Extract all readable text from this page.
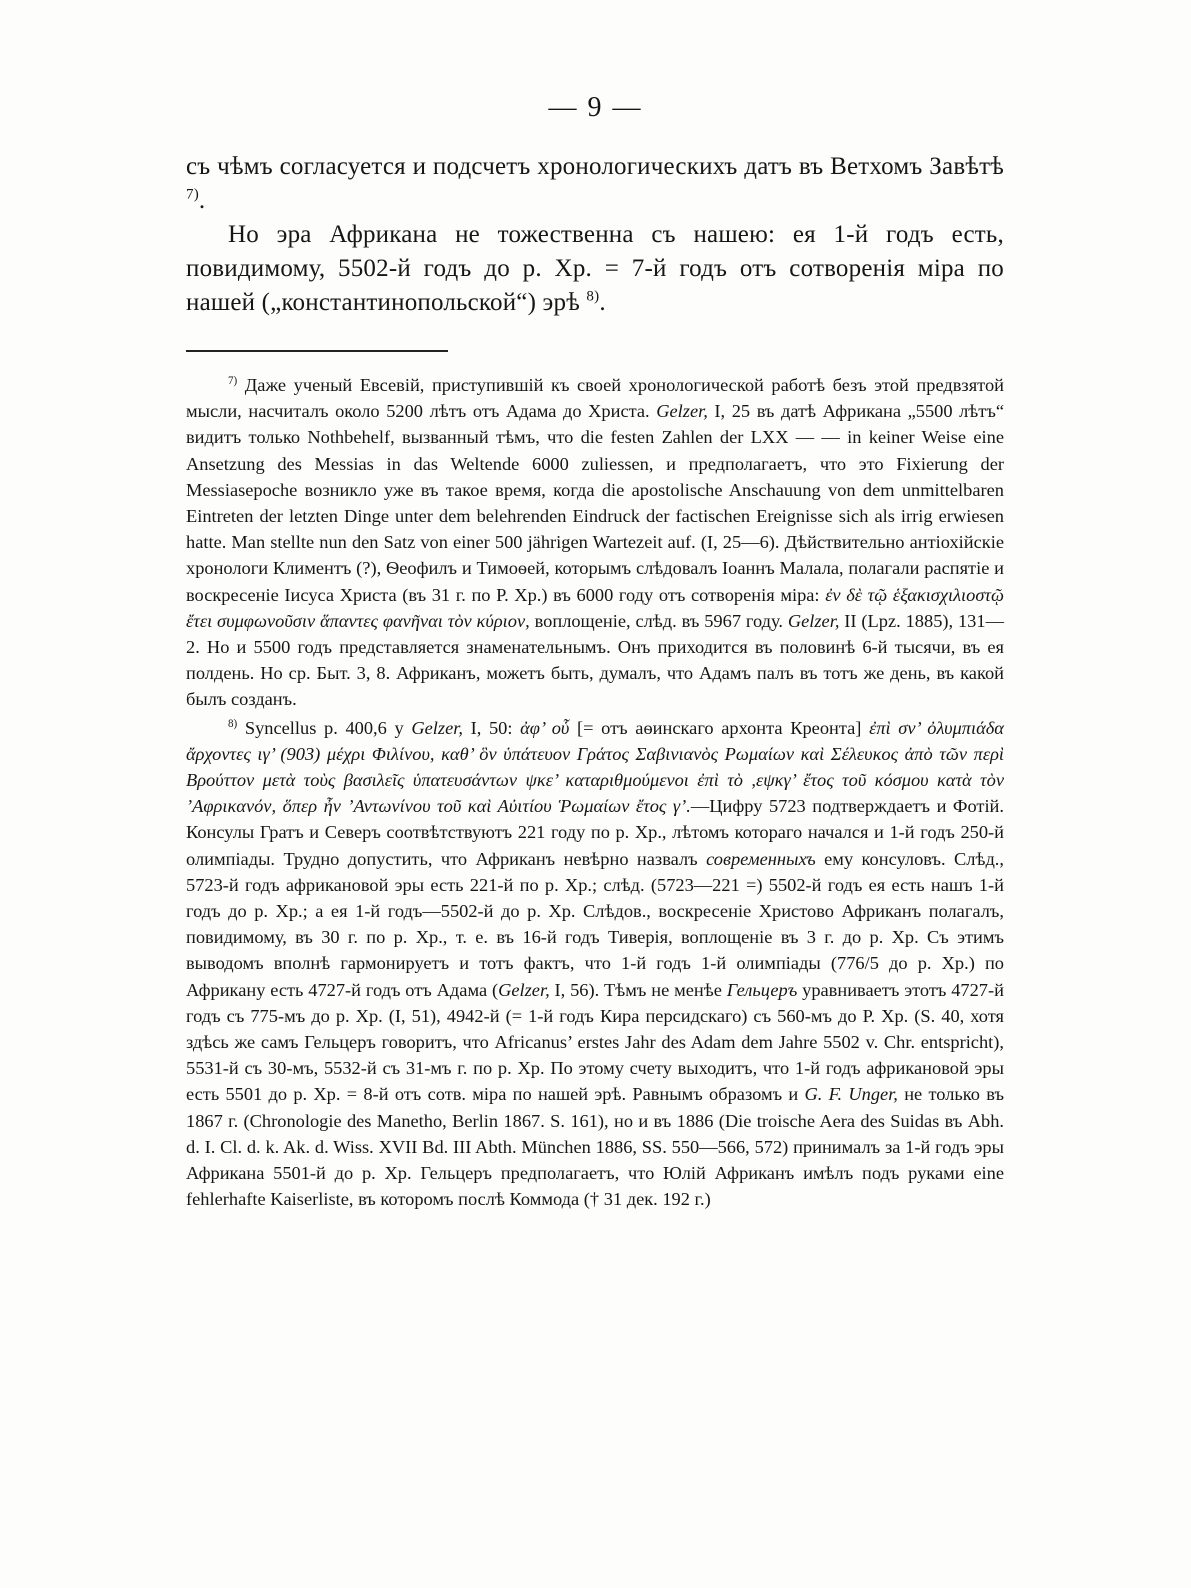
— 9 —

съ чѣмъ согласуется и подсчетъ хронологическихъ датъ въ Ветхомъ Завѣтѣ $^{7)}$.

Но эра Африкана не тожественна съ нашею: ея 1-й годъ есть, повидимому, 5502-й годъ до р. Хр. = 7-й годъ отъ сотворенія міра по нашей („константинопольской“) эрѣ $^{8)}$.

$^{7)}$ Даже ученый Евсевій, приступившій къ своей хронологической работѣ безъ этой предвзятой мысли, насчиталъ около 5200 лѣтъ отъ Адама до Христа. Gelzer, I, 25 въ датѣ Африкана „5500 лѣтъ“ видитъ только Nothbehelf, вызванный тѣмъ, что die festen Zahlen der LXX — — in keiner Weise eine Ansetzung des Messias in das Weltende 6000 zuliessen, и предполагаетъ, что это Fixierung der Messiasepoche возникло уже въ такое время, когда die apostolische Anschauung von dem unmittelbaren Eintreten der letzten Dinge unter dem belehrenden Eindruck der factischen Ereignisse sich als irrig erwiesen hatte. Man stellte nun den Satz von einer 500 jährigen Wartezeit auf. (I, 25—6). Дѣйствительно антіохійскіе хронологи Климентъ (?), Ѳеофилъ и Тимоѳей, которымъ слѣдовалъ Іоаннъ Малала, полагали распятіе и воскресеніе Іисуса Христа (въ 31 г. по Р. Хр.) въ 6000 году отъ сотворенія міра: ἐν δὲ τῷ ἑξακισχιλιοστῷ ἔτει συμφωνοῦσιν ἅπαντες φανῆναι τὸν κύριον, воплощеніе, слѣд. въ 5967 году. Gelzer, II (Lpz. 1885), 131—2. Но и 5500 годъ представляется знаменательнымъ. Онъ приходится въ половинѣ 6-й тысячи, въ ея полдень. Но ср. Быт. 3, 8. Африканъ, можетъ быть, думалъ, что Адамъ палъ въ тотъ же день, въ какой былъ созданъ.

$^{8)}$ Syncellus p. 400,6 у Gelzer, I, 50: ἀφ’ οὗ [= отъ аѳинскаго архонта Креонта] ἐπὶ σν’ ὀλυμπιάδα ἄρχοντες ιγ’ (903) μέχρι Φιλίνου, καθ’ ὃν ὑπάτευον Γράτος Σαβινιανὸς Ρωμαίων καὶ Σέλευκος ἀπὸ τῶν περὶ Βρούττον μετὰ τοὺς βασιλεῖς ὑπατευσάντων ψκε’ καταριθμούμενοι ἐπὶ τὸ ,εψκγ’ ἔτος τοῦ κόσμου κατὰ τὸν ’Αφρικανόν, ὅπερ ἦν ’Αντωνίνου τοῦ καὶ Αὐιτίου Ῥωμαίων ἔτος γ’.—Цифру 5723 подтверждаетъ и Фотій. Консулы Гратъ и Северъ соотвѣтствуютъ 221 году по р. Хр., лѣтомъ котораго начался и 1-й годъ 250-й олимпіады. Трудно допустить, что Африканъ невѣрно назвалъ современныхъ ему консуловъ. Слѣд., 5723-й годъ африкановой эры есть 221-й по р. Хр.; слѣд. (5723—221 =) 5502-й годъ ея есть нашъ 1-й годъ до р. Хр.; а ея 1-й годъ—5502-й до р. Хр. Слѣдов., воскресеніе Христово Африканъ полагалъ, повидимому, въ 30 г. по р. Хр., т. е. въ 16-й годъ Тиверія, воплощеніе въ 3 г. до р. Хр. Съ этимъ выводомъ вполнѣ гармонируетъ и тотъ фактъ, что 1-й годъ 1-й олимпіады (776/5 до р. Хр.) по Африкану есть 4727-й годъ отъ Адама (Gelzer, I, 56). Тѣмъ не менѣе Гельцеръ уравниваетъ этотъ 4727-й годъ съ 775-мъ до р. Хр. (I, 51), 4942-й (= 1-й годъ Кира персидскаго) съ 560-мъ до Р. Хр. (S. 40, хотя здѣсь же самъ Гельцеръ говоритъ, что Africanus’ erstes Jahr des Adam dem Jahre 5502 v. Chr. entspricht), 5531-й съ 30-мъ, 5532-й съ 31-мъ г. по р. Хр. По этому счету выходитъ, что 1-й годъ африкановой эры есть 5501 до р. Хр. = 8-й отъ сотв. міра по нашей эрѣ. Равнымъ образомъ и G. F. Unger, не только въ 1867 г. (Chronologie des Manetho, Berlin 1867. S. 161), но и въ 1886 (Die troische Aera des Suidas въ Abh. d. I. Cl. d. k. Ak. d. Wiss. XVII Bd. III Abth. München 1886, SS. 550—566, 572) принималъ за 1-й годъ эры Африкана 5501-й до р. Хр. Гельцеръ предполагаетъ, что Юлій Африканъ имѣлъ подъ руками eine fehlerhafte Kaiserliste, въ которомъ послѣ Коммода († 31 дек. 192 г.)
